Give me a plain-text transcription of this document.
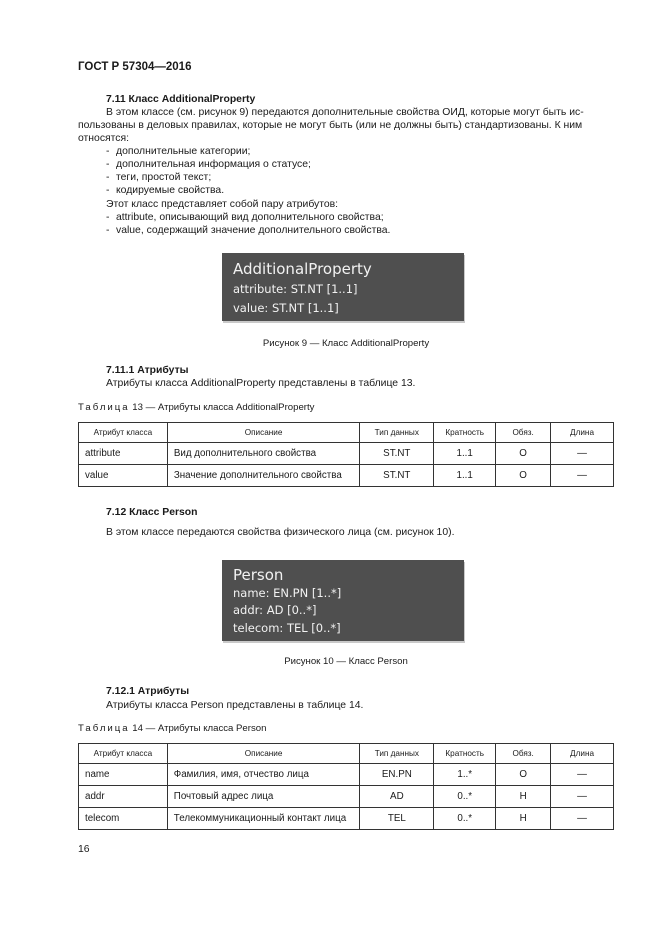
ГОСТ Р 57304—2016
7.11 Класс AdditionalProperty
В этом классе (см. рисунок 9) передаются дополнительные свойства ОИД, которые могут быть ис-
пользованы в деловых правилах, которые не могут быть (или не должны быть) стандартизованы. К ним
относятся:
- дополнительные категории;
- дополнительная информация о статусе;
- теги, простой текст;
- кодируемые свойства.
Этот класс представляет собой пару атрибутов:
- attribute, описывающий вид дополнительного свойства;
- value, содержащий значение дополнительного свойства.
AdditionalProperty
attribute: ST.NT [1..1]
value: ST.NT [1..1]
Рисунок 9 — Класс AdditionalProperty
7.11.1 Атрибуты
Атрибуты класса AdditionalProperty представлены в таблице 13.
Таблица 13 — Атрибуты класса AdditionalProperty
Атрибут класса	Описание	Тип данных	Кратность	Обяз.	Длина
attribute	Вид дополнительного свойства	ST.NT	1..1	O	—
value	Значение дополнительного свойства	ST.NT	1..1	O	—
7.12 Класс Person
В этом классе передаются свойства физического лица (см. рисунок 10).
Person
name: EN.PN [1..*]
addr: AD [0..*]
telecom: TEL [0..*]
Рисунок 10 — Класс Person
7.12.1 Атрибуты
Атрибуты класса Person представлены в таблице 14.
Таблица 14 — Атрибуты класса Person
Атрибут класса	Описание	Тип данных	Кратность	Обяз.	Длина
name	Фамилия, имя, отчество лица	EN.PN	1..*	O	—
addr	Почтовый адрес лица	AD	0..*	Н	—
telecom	Телекоммуникационный контакт лица	TEL	0..*	Н	—
16
